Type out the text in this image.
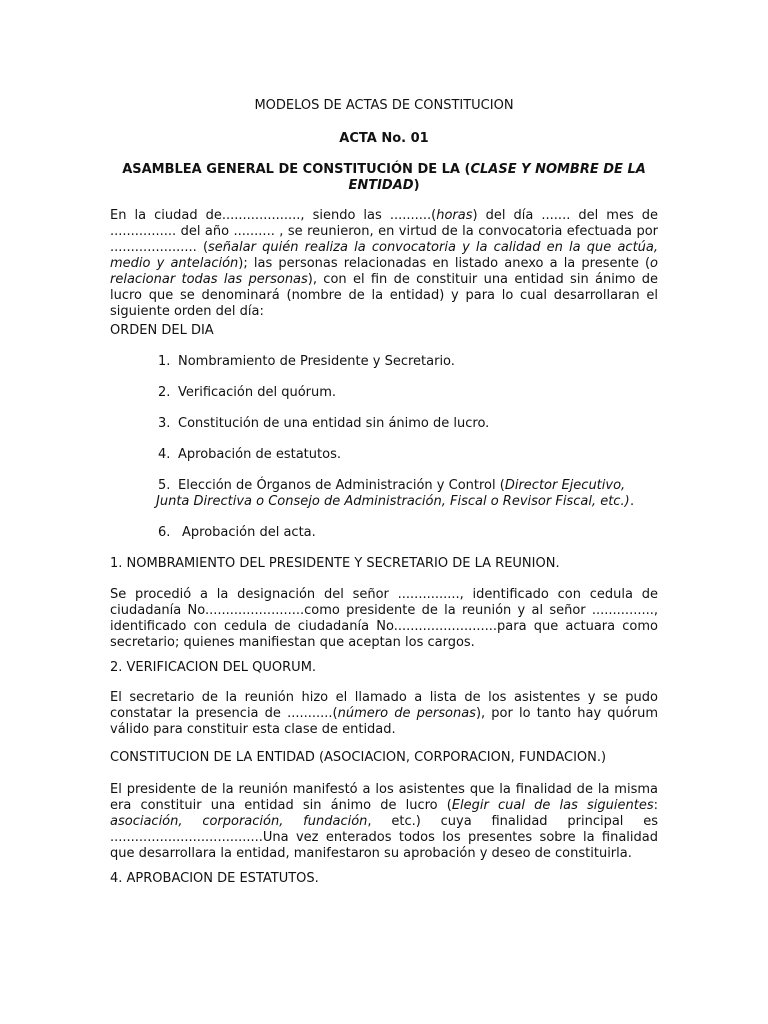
MODELOS DE ACTAS DE CONSTITUCION
ACTA No. 01
ASAMBLEA GENERAL DE CONSTITUCIÓN DE LA (CLASE Y NOMBRE DE LA ENTIDAD)
En la ciudad de..................., siendo las ..........(horas) del día ....... del mes de ................ del año .......... , se reunieron, en virtud de la convocatoria efectuada por ..................... (señalar quién realiza la convocatoria y la calidad en la que actúa, medio y antelación); las personas relacionadas en listado anexo a la presente (o relacionar todas las personas), con el fin de constituir una entidad sin ánimo de lucro que se denominará (nombre de la entidad) y para lo cual desarrollaran el siguiente orden del día:
ORDEN DEL DIA
1. Nombramiento de Presidente y Secretario.
2. Verificación del quórum.
3. Constitución de una entidad sin ánimo de lucro.
4. Aprobación de estatutos.
5. Elección de Órganos de Administración y Control (Director Ejecutivo,
Junta Directiva o Consejo de Administración, Fiscal o Revisor Fiscal, etc.) .
6. Aprobación del acta.
1. NOMBRAMIENTO DEL PRESIDENTE Y SECRETARIO DE LA REUNION.
Se procedió a la designación del señor ..............., identificado con cedula de ciudadanía No........................como presidente de la reunión y al señor ..............., identificado con cedula de ciudadanía No.........................para que actuara como secretario; quienes manifiestan que aceptan los cargos.
2. VERIFICACION DEL QUORUM.
El secretario de la reunión hizo el llamado a lista de los asistentes y se pudo constatar la presencia de ...........(número de personas), por lo tanto hay quórum válido para constituir esta clase de entidad.
CONSTITUCION DE LA ENTIDAD (ASOCIACION, CORPORACION, FUNDACION.)
El presidente de la reunión manifestó a los asistentes que la finalidad de la misma era constituir una entidad sin ánimo de lucro (Elegir cual de las siguientes: asociación, corporación, fundación, etc.) cuya finalidad principal es .....................................Una vez enterados todos los presentes sobre la finalidad que desarrollara la entidad, manifestaron su aprobación y deseo de constituirla.
4. APROBACION DE ESTATUTOS.
